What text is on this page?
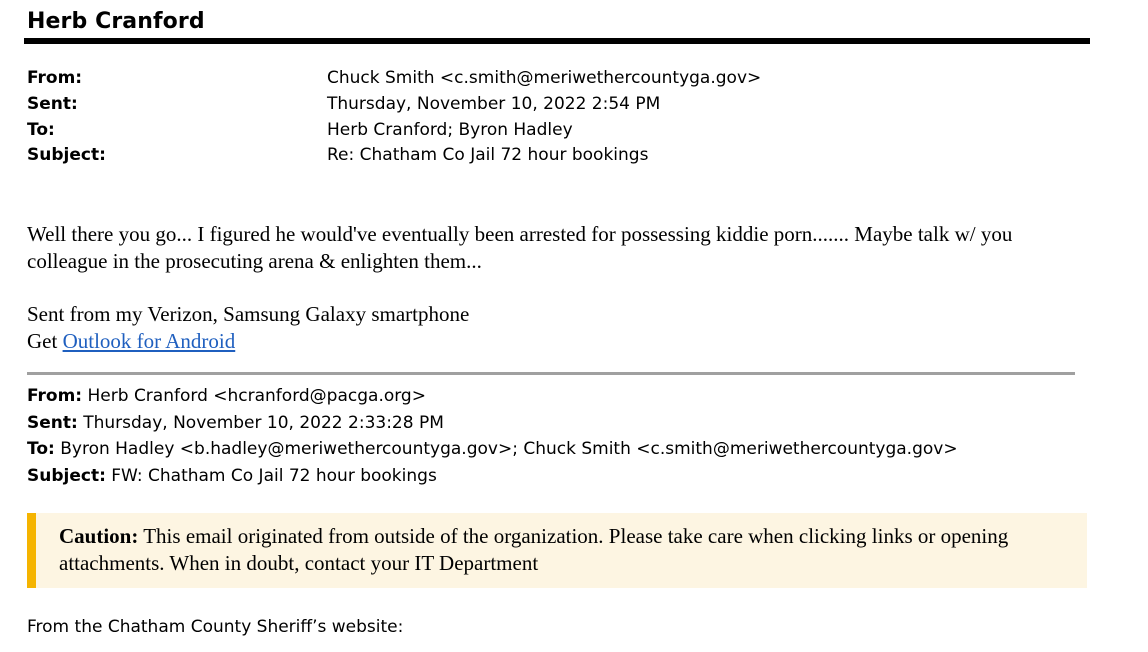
Herb Cranford
From:	Chuck Smith <c.smith@meriwethercountyga.gov>
Sent:	Thursday, November 10, 2022 2:54 PM
To:	Herb Cranford; Byron Hadley
Subject:	Re: Chatham Co Jail 72 hour bookings
Well there you go... I figured he would've eventually been arrested for possessing kiddie porn....... Maybe talk w/ you colleague in the prosecuting arena & enlighten them...
Sent from my Verizon, Samsung Galaxy smartphone
Get Outlook for Android
From: Herb Cranford <hcranford@pacga.org>
Sent: Thursday, November 10, 2022 2:33:28 PM
To: Byron Hadley <b.hadley@meriwethercountyga.gov>; Chuck Smith <c.smith@meriwethercountyga.gov>
Subject: FW: Chatham Co Jail 72 hour bookings
Caution: This email originated from outside of the organization. Please take care when clicking links or opening attachments. When in doubt, contact your IT Department
From the Chatham County Sheriff’s website:
